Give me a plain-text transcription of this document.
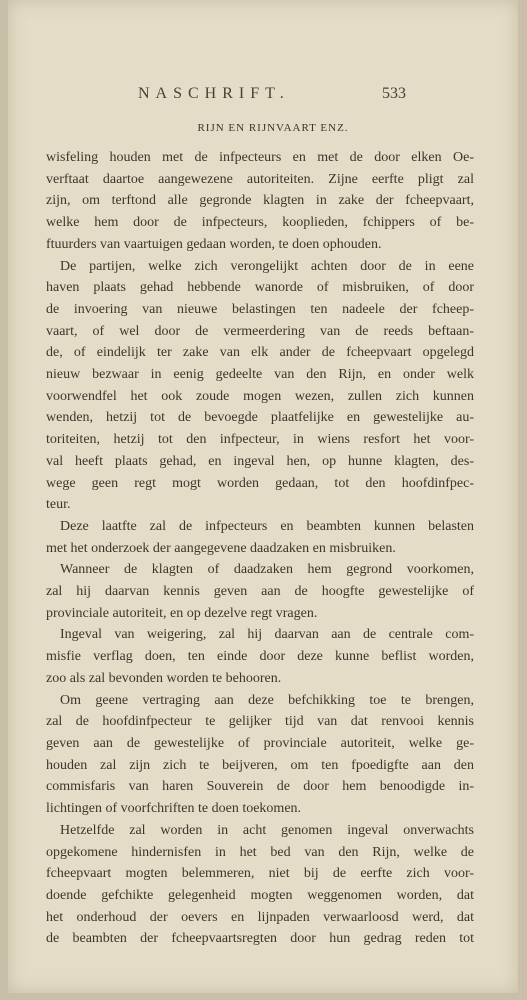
NASCHRIFT.	533
RIJN EN RIJNVAART ENZ.
wisfeling houden met de infpecteurs en met de door elken Oe-
verftaat daartoe aangewezene autoriteiten. Zijne eerfte pligt zal
zijn, om terftond alle gegronde klagten in zake der fcheepvaart,
welke hem door de infpecteurs, kooplieden, fchippers of be-
ftuurders van vaartuigen gedaan worden, te doen ophouden.
De partijen, welke zich verongelijkt achten door de in eene
haven plaats gehad hebbende wanorde of misbruiken, of door
de invoering van nieuwe belastingen ten nadeele der fcheep-
vaart, of wel door de vermeerdering van de reeds beftaan-
de, of eindelijk ter zake van elk ander de fcheepvaart opgelegd
nieuw bezwaar in eenig gedeelte van den Rijn, en onder welk
voorwendfel het ook zoude mogen wezen, zullen zich kunnen
wenden, hetzij tot de bevoegde plaatfelijke en gewestelijke au-
toriteiten, hetzij tot den infpecteur, in wiens resfort het voor-
val heeft plaats gehad, en ingeval hen, op hunne klagten, des-
wege geen regt mogt worden gedaan, tot den hoofdinfpec-
teur.
Deze laatfte zal de infpecteurs en beambten kunnen belasten
met het onderzoek der aangegevene daadzaken en misbruiken.
Wanneer de klagten of daadzaken hem gegrond voorkomen,
zal hij daarvan kennis geven aan de hoogfte gewestelijke of
provinciale autoriteit, en op dezelve regt vragen.
Ingeval van weigering, zal hij daarvan aan de centrale com-
misfie verflag doen, ten einde door deze kunne beflist worden,
zoo als zal bevonden worden te behooren.
Om geene vertraging aan deze befchikking toe te brengen,
zal de hoofdinfpecteur te gelijker tijd van dat renvooi kennis
geven aan de gewestelijke of provinciale autoriteit, welke ge-
houden zal zijn zich te beijveren, om ten fpoedigfte aan den
commisfaris van haren Souverein de door hem benoodigde in-
lichtingen of voorfchriften te doen toekomen.
Hetzelfde zal worden in acht genomen ingeval onverwachts
opgekomene hindernisfen in het bed van den Rijn, welke de
fcheepvaart mogten belemmeren, niet bij de eerfte zich voor-
doende gefchikte gelegenheid mogten weggenomen worden, dat
het onderhoud der oevers en lijnpaden verwaarloosd werd, dat
de beambten der fcheepvaartsregten door hun gedrag reden tot
